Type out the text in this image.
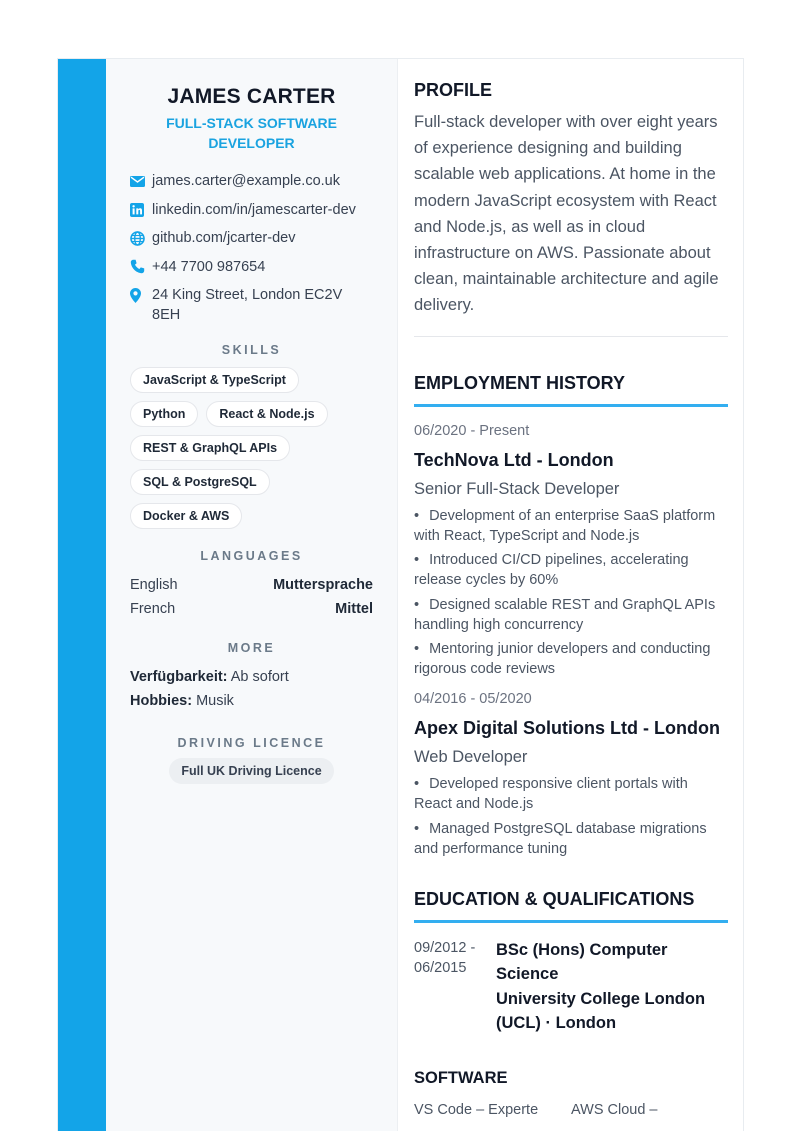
JAMES CARTER
FULL-STACK SOFTWARE DEVELOPER
james.carter@example.co.uk
linkedin.com/in/jamescarter-dev
github.com/jcarter-dev
+44 7700 987654
24 King Street, London EC2V 8EH
SKILLS
JavaScript & TypeScript
Python	React & Node.js
REST & GraphQL APIs
SQL & PostgreSQL
Docker & AWS
LANGUAGES
English	Muttersprache
French	Mittel
MORE
Verfügbarkeit: Ab sofort
Hobbies: Musik
DRIVING LICENCE
Full UK Driving Licence
PROFILE

Full-stack developer with over eight years of experience designing and building scalable web applications. At home in the modern JavaScript ecosystem with React and Node.js, as well as in cloud infrastructure on AWS. Passionate about clean, maintainable architecture and agile delivery.

EMPLOYMENT HISTORY
06/2020 - Present
TechNova Ltd - London
Senior Full-Stack Developer
• Development of an enterprise SaaS platform with React, TypeScript and Node.js
• Introduced CI/CD pipelines, accelerating release cycles by 60%
• Designed scalable REST and GraphQL APIs handling high concurrency
• Mentoring junior developers and conducting rigorous code reviews
04/2016 - 05/2020
Apex Digital Solutions Ltd - London
Web Developer
• Developed responsive client portals with React and Node.js
• Managed PostgreSQL database migrations and performance tuning
EDUCATION & QUALIFICATIONS
09/2012 - 06/2015
BSc (Hons) Computer Science
University College London (UCL) · London
SOFTWARE
VS Code – Experte	AWS Cloud –
